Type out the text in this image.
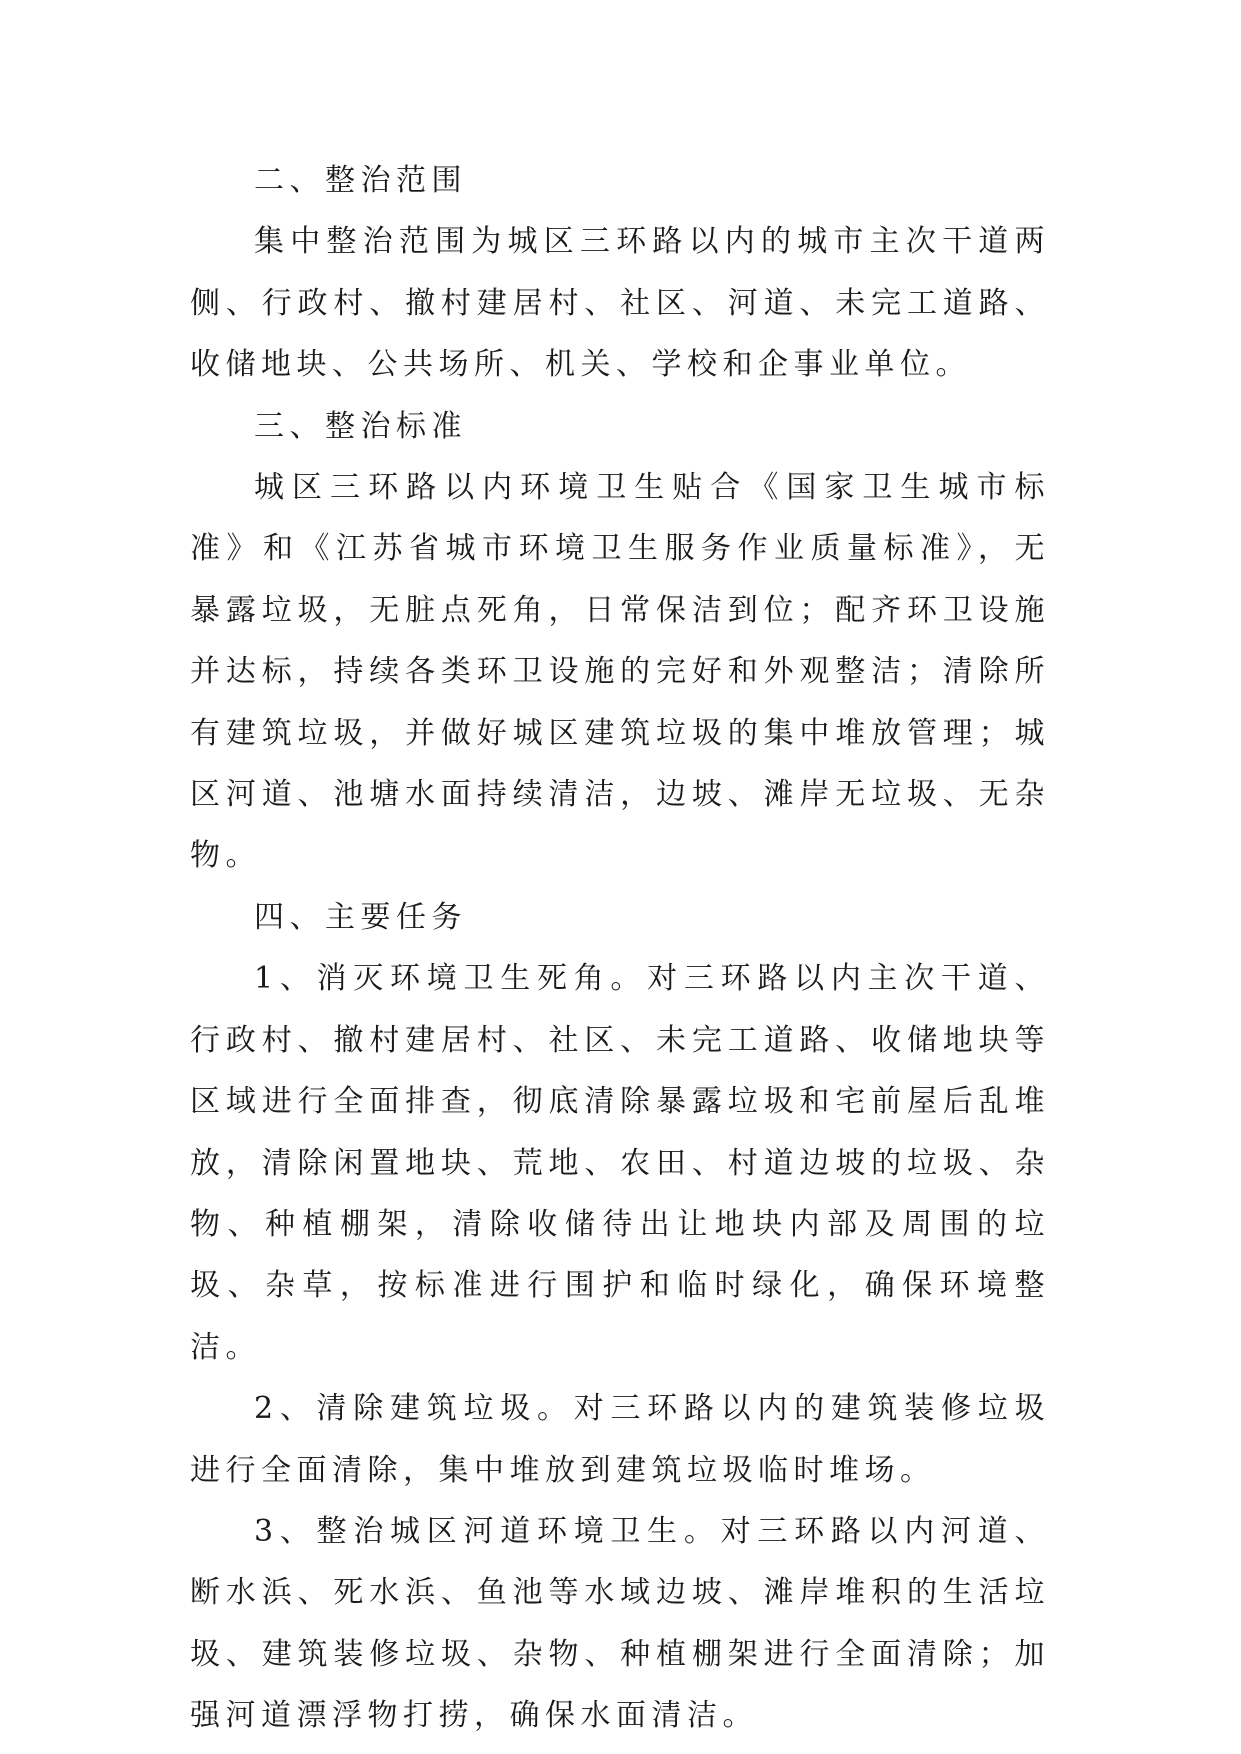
二、整治范围

集中整治范围为城区三环路以内的城市主次干道两侧、行政村、撤村建居村、社区、河道、未完工道路、收储地块、公共场所、机关、学校和企事业单位。

三、整治标准

城区三环路以内环境卫生贴合《国家卫生城市标准》和《江苏省城市环境卫生服务作业质量标准》，无暴露垃圾，无脏点死角，日常保洁到位；配齐环卫设施并达标，持续各类环卫设施的完好和外观整洁；清除所有建筑垃圾，并做好城区建筑垃圾的集中堆放管理；城区河道、池塘水面持续清洁，边坡、滩岸无垃圾、无杂物。

四、主要任务

1、消灭环境卫生死角。对三环路以内主次干道、行政村、撤村建居村、社区、未完工道路、收储地块等区域进行全面排查，彻底清除暴露垃圾和宅前屋后乱堆放，清除闲置地块、荒地、农田、村道边坡的垃圾、杂物、种植棚架，清除收储待出让地块内部及周围的垃圾、杂草，按标准进行围护和临时绿化，确保环境整洁。

2、清除建筑垃圾。对三环路以内的建筑装修垃圾进行全面清除，集中堆放到建筑垃圾临时堆场。

3、整治城区河道环境卫生。对三环路以内河道、断水浜、死水浜、鱼池等水域边坡、滩岸堆积的生活垃圾、建筑装修垃圾、杂物、种植棚架进行全面清除；加强河道漂浮物打捞，确保水面清洁。
